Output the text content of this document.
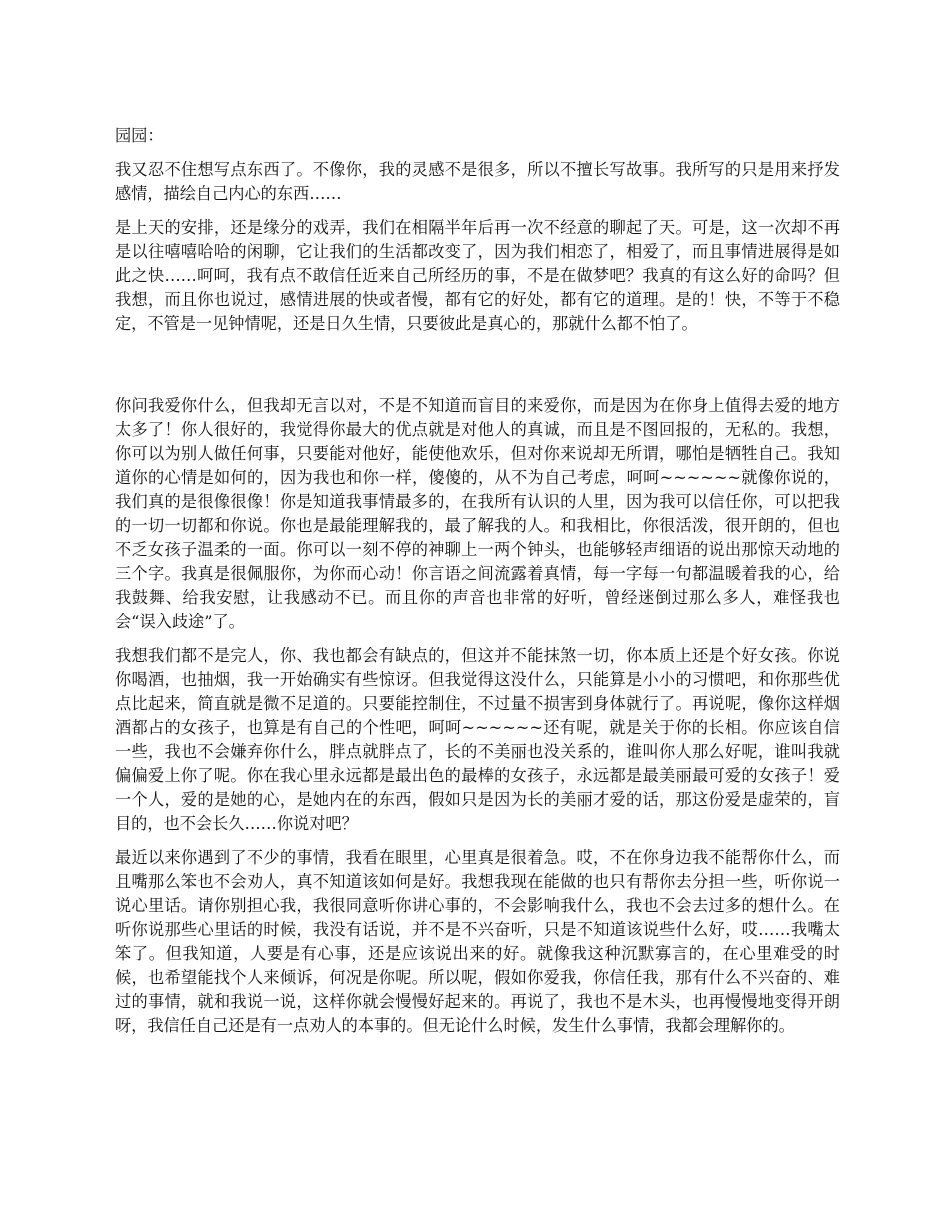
园园：

我又忍不住想写点东西了。不像你，我的灵感不是很多，所以不擅长写故事。我所写的只是用来抒发感情，描绘自己内心的东西……

是上天的安排，还是缘分的戏弄，我们在相隔半年后再一次不经意的聊起了天。可是，这一次却不再是以往嘻嘻哈哈的闲聊，它让我们的生活都改变了，因为我们相恋了，相爱了，而且事情进展得是如此之快……呵呵，我有点不敢信任近来自己所经历的事，不是在做梦吧？我真的有这么好的命吗？但我想，而且你也说过，感情进展的快或者慢，都有它的好处，都有它的道理。是的！快，不等于不稳定，不管是一见钟情呢，还是日久生情，只要彼此是真心的，那就什么都不怕了。

你问我爱你什么，但我却无言以对，不是不知道而盲目的来爱你，而是因为在你身上值得去爱的地方太多了！你人很好的，我觉得你最大的优点就是对他人的真诚，而且是不图回报的，无私的。我想，你可以为别人做任何事，只要能对他好，能使他欢乐，但对你来说却无所谓，哪怕是牺牲自己。我知道你的心情是如何的，因为我也和你一样，傻傻的，从不为自己考虑，呵呵~~~~~~就像你说的，我们真的是很像很像！你是知道我事情最多的，在我所有认识的人里，因为我可以信任你，可以把我的一切一切都和你说。你也是最能理解我的，最了解我的人。和我相比，你很活泼，很开朗的，但也不乏女孩子温柔的一面。你可以一刻不停的神聊上一两个钟头，也能够轻声细语的说出那惊天动地的三个字。我真是很佩服你，为你而心动！你言语之间流露着真情，每一字每一句都温暖着我的心，给我鼓舞、给我安慰，让我感动不已。而且你的声音也非常的好听，曾经迷倒过那么多人，难怪我也会“误入歧途”了。

我想我们都不是完人，你、我也都会有缺点的，但这并不能抹煞一切，你本质上还是个好女孩。你说你喝酒，也抽烟，我一开始确实有些惊讶。但我觉得这没什么，只能算是小小的习惯吧，和你那些优点比起来，简直就是微不足道的。只要能控制住，不过量不损害到身体就行了。再说呢，像你这样烟酒都占的女孩子，也算是有自己的个性吧，呵呵~~~~~~还有呢，就是关于你的长相。你应该自信一些，我也不会嫌弃你什么，胖点就胖点了，长的不美丽也没关系的，谁叫你人那么好呢，谁叫我就偏偏爱上你了呢。你在我心里永远都是最出色的最棒的女孩子，永远都是最美丽最可爱的女孩子！爱一个人，爱的是她的心，是她内在的东西，假如只是因为长的美丽才爱的话，那这份爱是虚荣的，盲目的，也不会长久……你说对吧？

最近以来你遇到了不少的事情，我看在眼里，心里真是很着急。哎，不在你身边我不能帮你什么，而且嘴那么笨也不会劝人，真不知道该如何是好。我想我现在能做的也只有帮你去分担一些，听你说一说心里话。请你别担心我，我很同意听你讲心事的，不会影响我什么，我也不会去过多的想什么。在听你说那些心里话的时候，我没有话说，并不是不兴奋听，只是不知道该说些什么好，哎……我嘴太笨了。但我知道，人要是有心事，还是应该说出来的好。就像我这种沉默寡言的，在心里难受的时候，也希望能找个人来倾诉，何况是你呢。所以呢，假如你爱我，你信任我，那有什么不兴奋的、难过的事情，就和我说一说，这样你就会慢慢好起来的。再说了，我也不是木头，也再慢慢地变得开朗呀，我信任自己还是有一点劝人的本事的。但无论什么时候，发生什么事情，我都会理解你的。
